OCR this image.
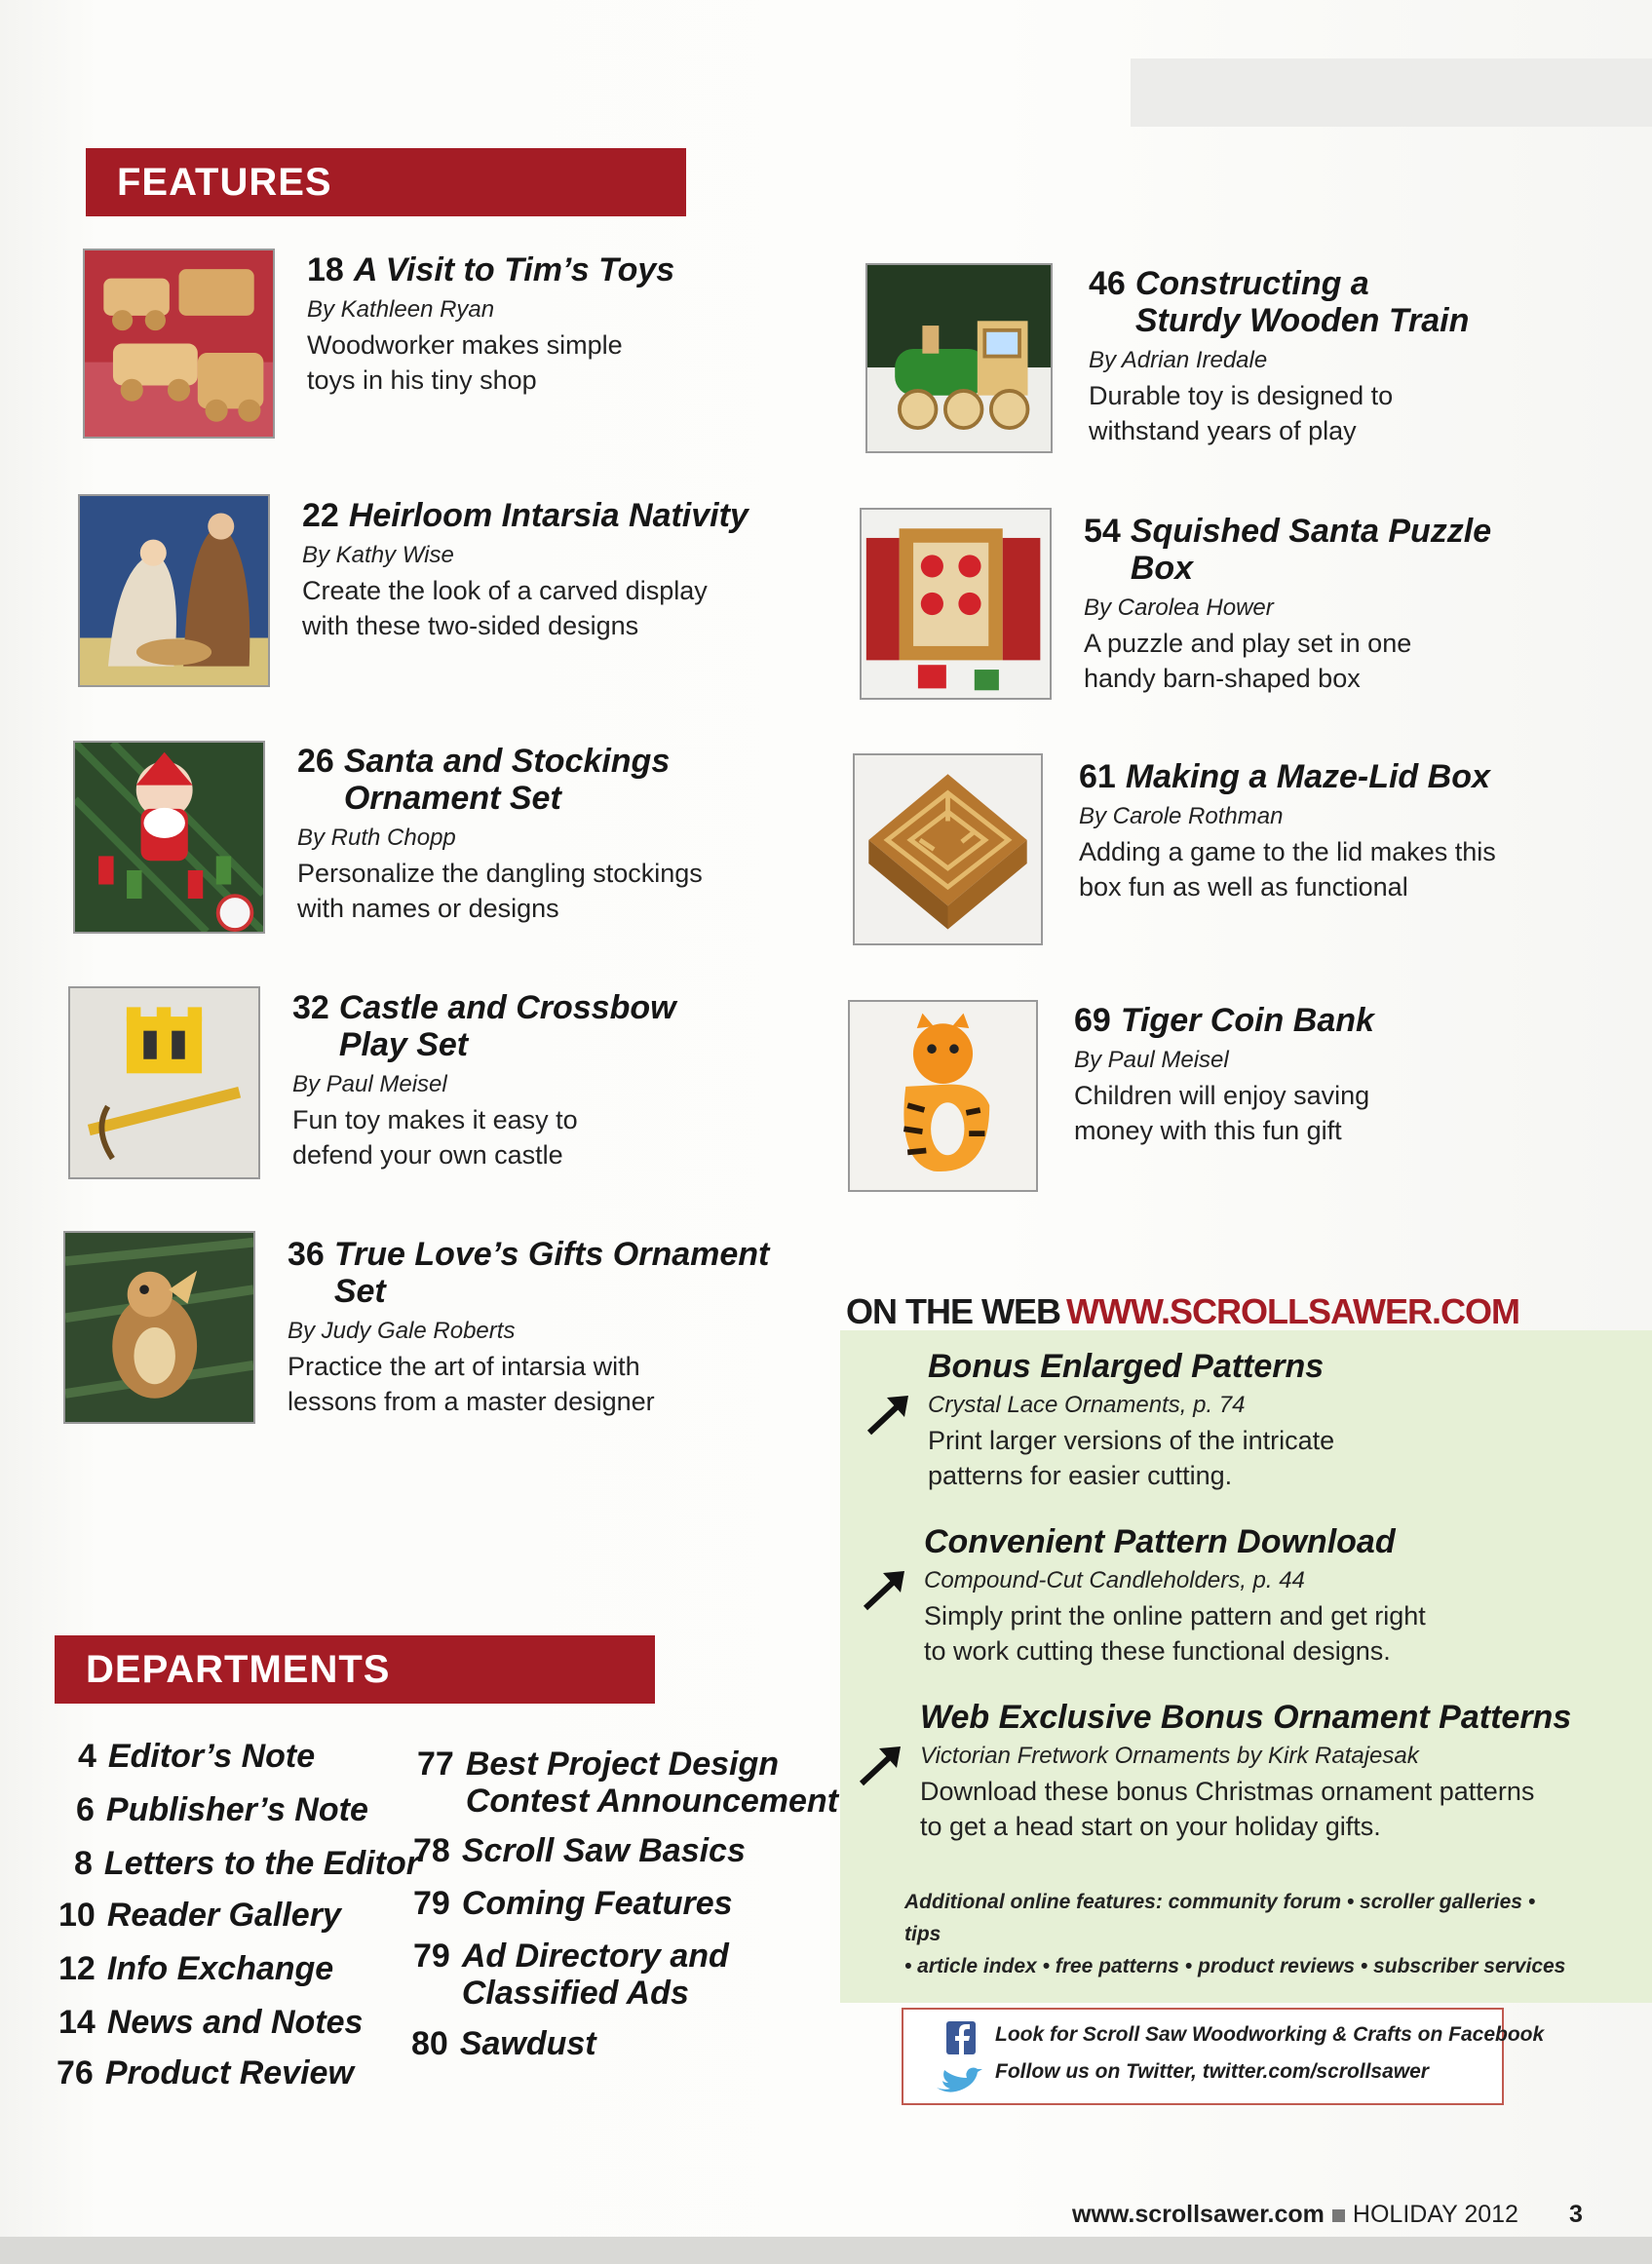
FEATURES
18 A Visit to Tim’s Toys
By Kathleen Ryan
Woodworker makes simple
toys in his tiny shop
22 Heirloom Intarsia Nativity
By Kathy Wise
Create the look of a carved display
with these two-sided designs
26 Santa and Stockings
Ornament Set
By Ruth Chopp
Personalize the dangling stockings
with names or designs
32 Castle and Crossbow Play Set
By Paul Meisel
Fun toy makes it easy to
defend your own castle
36 True Love’s Gifts Ornament Set
By Judy Gale Roberts
Practice the art of intarsia with
lessons from a master designer
46 Constructing a
Sturdy Wooden Train
By Adrian Iredale
Durable toy is designed to
withstand years of play
54 Squished Santa Puzzle Box
By Carolea Hower
A puzzle and play set in one
handy barn-shaped box
61 Making a Maze-Lid Box
By Carole Rothman
Adding a game to the lid makes this
box fun as well as functional
69 Tiger Coin Bank
By Paul Meisel
Children will enjoy saving
money with this fun gift
ON THE WEB WWW.SCROLLSAWER.COM
Bonus Enlarged Patterns
Crystal Lace Ornaments, p. 74
Print larger versions of the intricate
patterns for easier cutting.
Convenient Pattern Download
Compound-Cut Candleholders, p. 44
Simply print the online pattern and get right
to work cutting these functional designs.
Web Exclusive Bonus Ornament Patterns
Victorian Fretwork Ornaments by Kirk Ratajesak
Download these bonus Christmas ornament patterns
to get a head start on your holiday gifts.
Additional online features: community forum • scroller galleries • tips
• article index • free patterns • product reviews • subscriber services
Look for Scroll Saw Woodworking & Crafts on Facebook
Follow us on Twitter, twitter.com/scrollsawer
DEPARTMENTS
4 Editor’s Note
6 Publisher’s Note
8 Letters to the Editor
10 Reader Gallery
12 Info Exchange
14 News and Notes
76 Product Review
77 Best Project Design
Contest Announcement
78 Scroll Saw Basics
79 Coming Features
79 Ad Directory and
Classified Ads
80 Sawdust
www.scrollsawer.com HOLIDAY 2012 3
